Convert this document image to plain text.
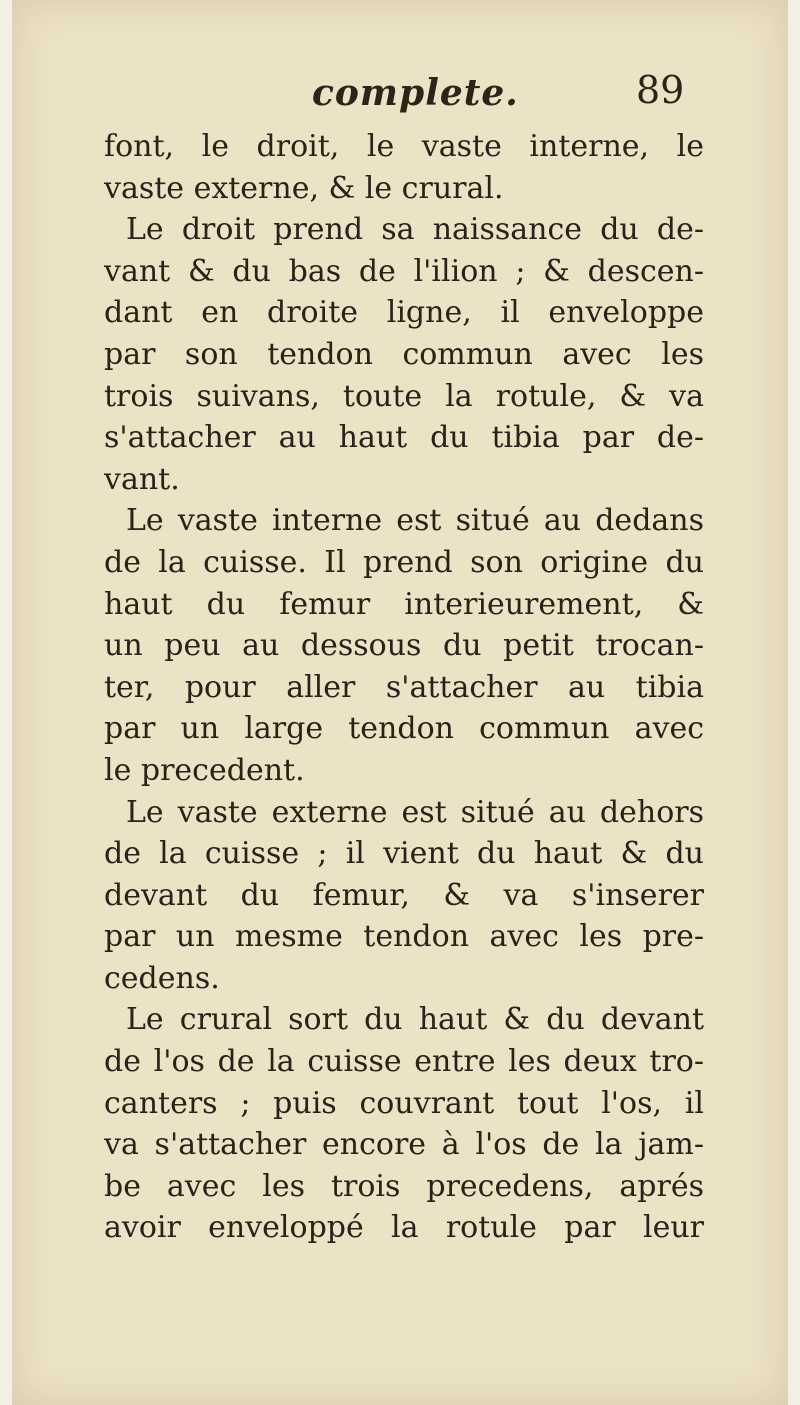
complete.	89
font, le droit, le vaste interne, le
vaste externe, & le crural.
Le droit prend sa naissance du de-
vant & du bas de l'ilion ; & descen-
dant en droite ligne, il enveloppe
par son tendon commun avec les
trois suivans, toute la rotule, & va
s'attacher au haut du tibia par de-
vant.
Le vaste interne est situé au dedans
de la cuisse. Il prend son origine du
haut du femur interieurement, &
un peu au dessous du petit trocan-
ter, pour aller s'attacher au tibia
par un large tendon commun avec
le precedent.
Le vaste externe est situé au dehors
de la cuisse ; il vient du haut & du
devant du femur, & va s'inserer
par un mesme tendon avec les pre-
cedens.
Le crural sort du haut & du devant
de l'os de la cuisse entre les deux tro-
canters ; puis couvrant tout l'os, il
va s'attacher encore à l'os de la jam-
be avec les trois precedens, aprés
avoir enveloppé la rotule par leur
